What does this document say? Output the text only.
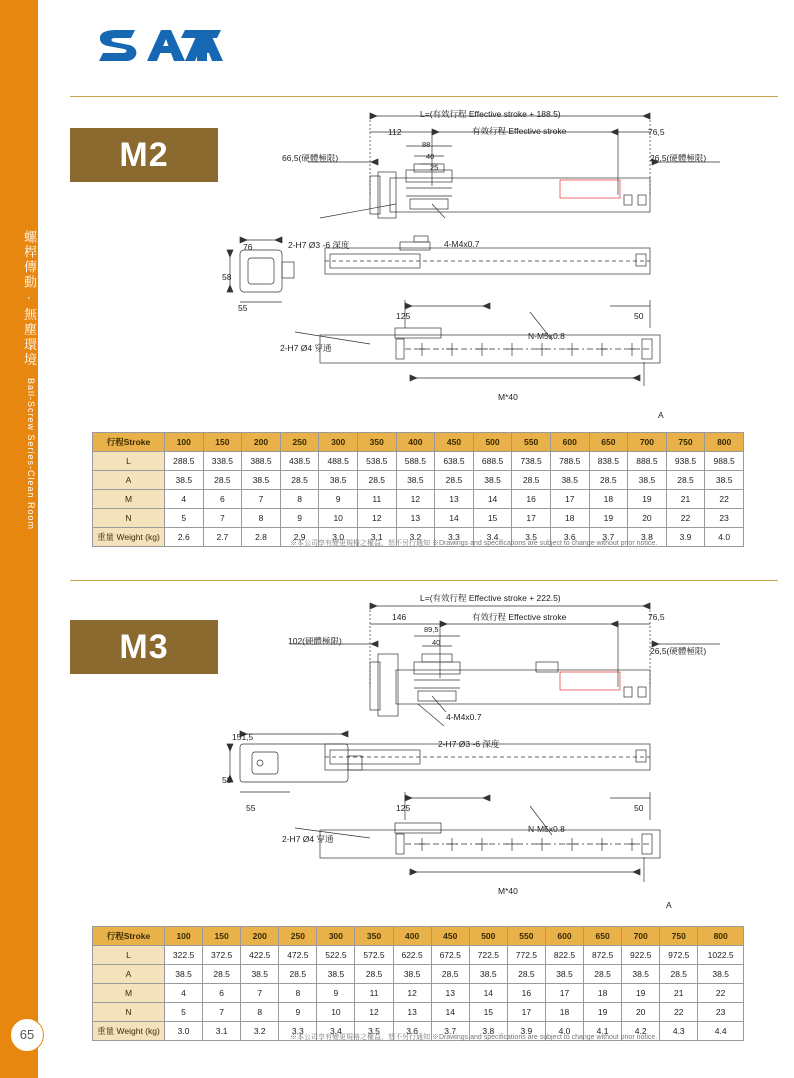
螺桿傳動 · 無塵環境
Ball-Screw Series-Clean Room
65
M2
L=(有效行程 Effective stroke + 188.5)
有效行程 Effective stroke
112	76,5
66,5(硬體極限)	26,5(硬體極限)
88
40
25
76
58
55
125	50
A
M*40
2-H7 Ø3 -6 深度	4-M4x0.7
2-H7 Ø4 穿通
N-M5x0.8
行程Stroke	100	150	200	250	300	350	400	450	500	550	600	650	700	750	800
L	288.5	338.5	388.5	438.5	488.5	538.5	588.5	638.5	688.5	738.5	788.5	838.5	888.5	938.5	988.5
A	38.5	28.5	38.5	28.5	38.5	28.5	38.5	28.5	38.5	28.5	38.5	28.5	38.5	28.5	38.5
M	4	6	7	8	9	11	12	13	14	16	17	18	19	21	22
N	5	7	8	9	10	12	13	14	15	17	18	19	20	22	23
重量 Weight (kg)	2.6	2.7	2.8	2.9	3.0	3.1	3.2	3.3	3.4	3.5	3.6	3.7	3.8	3.9	4.0
※本公司享有變更規格之權益，恕不另行通知 ※Drawings and specifications are subject to change without prior notice.
M3
L=(有效行程 Effective stroke + 222.5)
有效行程 Effective stroke
146	76,5
102(硬體極限)
26,5(硬體極限)
89,5
40
151,5
58
55	125	50
A
M*40
4-M4x0.7
2-H7 Ø3 -6 深度
2-H7 Ø4 穿通
N-M5x0.8
行程Stroke	100	150	200	250	300	350	400	450	500	550	600	650	700	750	800
L	322.5	372.5	422.5	472.5	522.5	572.5	622.5	672.5	722.5	772.5	822.5	872.5	922.5	972.5	1022.5
A	38.5	28.5	38.5	28.5	38.5	28.5	38.5	28.5	38.5	28.5	38.5	28.5	38.5	28.5	38.5
M	4	6	7	8	9	11	12	13	14	16	17	18	19	21	22
N	5	7	8	9	10	12	13	14	15	17	18	19	20	22	23
重量 Weight (kg)	3.0	3.1	3.2	3.3	3.4	3.5	3.6	3.7	3.8	3.9	4.0	4.1	4.2	4.3	4.4
※本公司享有變更規格之權益，恕不另行通知 ※Drawings and specifications are subject to change without prior notice.
